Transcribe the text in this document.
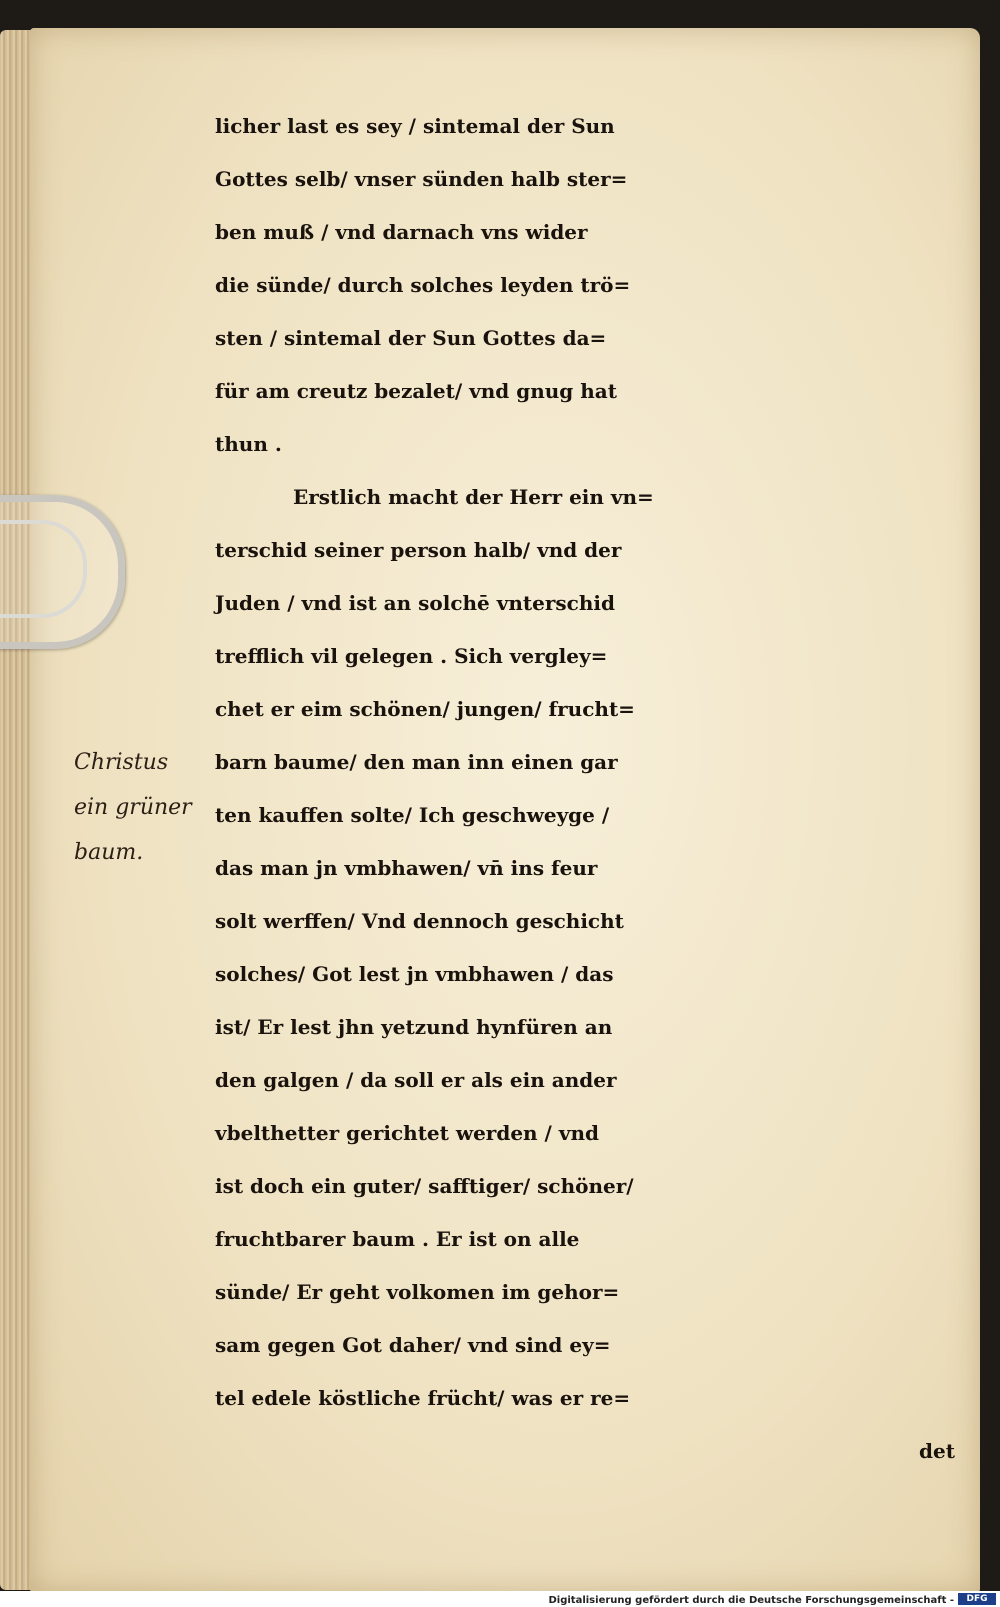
licher last es sey / sintemal der Sun
Gottes selb/ vnser sünden halb ster=
ben muß / vnd darnach vns wider
die sünde/ durch solches leyden trö=
sten / sintemal der Sun Gottes da=
für am creutz bezalet/ vnd gnug hat
thun .
Erstlich macht der Herr ein vn=
terschid seiner person halb/ vnd der
Juden / vnd ist an solchē vnterschid
trefflich vil gelegen . Sich vergley=
chet er eim schönen/ jungen/ frucht=
barn baume/ den man inn einen gar
ten kauffen solte/ Ich geschweyge /
das man jn vmbhawen/ vn̄ ins feur
solt werffen/ Vnd dennoch geschicht
solches/ Got lest jn vmbhawen / das
ist/ Er lest jhn yetzund hynfüren an
den galgen / da soll er als ein ander
vbelthetter gerichtet werden / vnd
ist doch ein guter/ safftiger/ schöner/
fruchtbarer baum . Er ist on alle
sünde/ Er geht volkomen im gehor=
sam gegen Got daher/ vnd sind ey=
tel edele köstliche frücht/ was er re=
det
Christus
ein grüner
baum.
Digitalisierung gefördert durch die Deutsche Forschungsgemeinschaft -	DFG
